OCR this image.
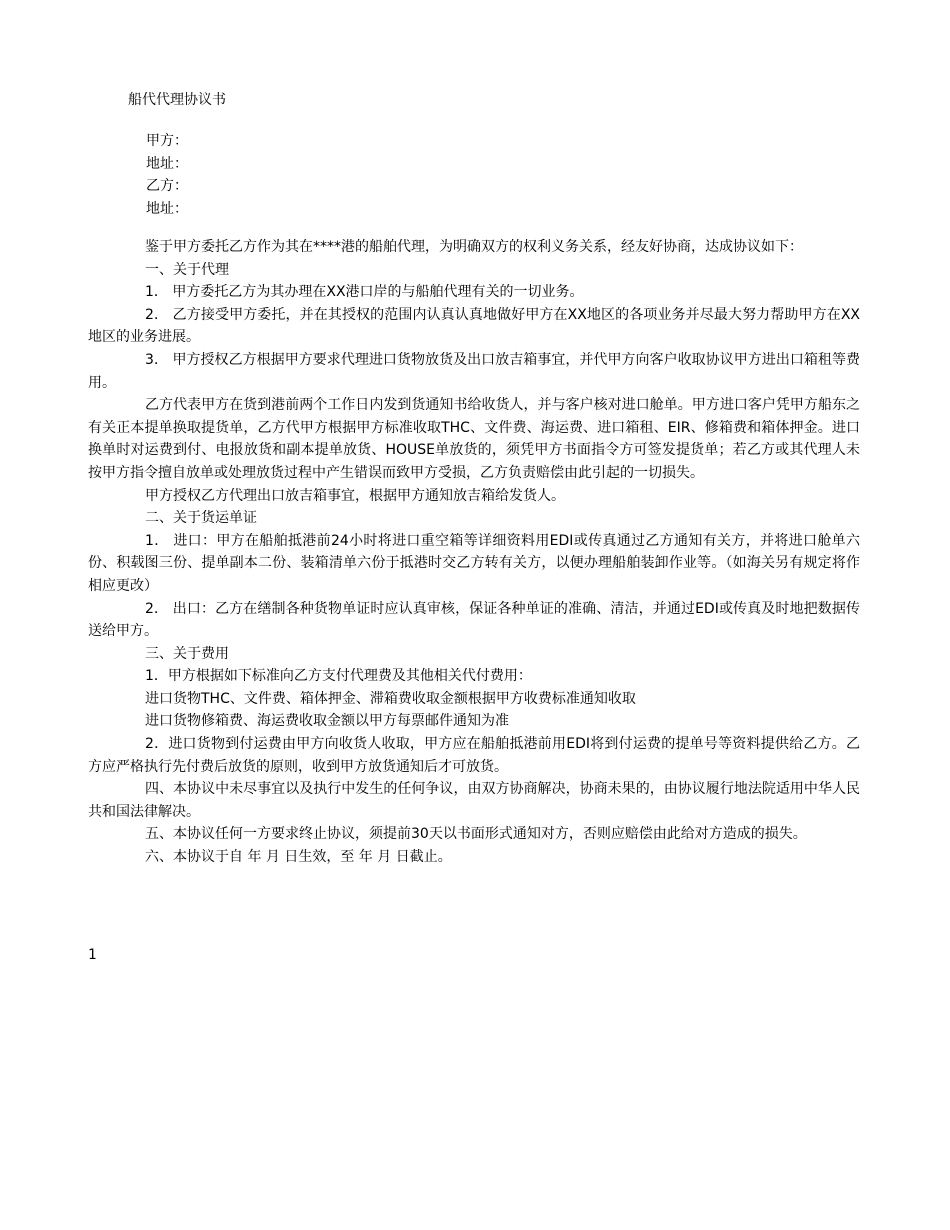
船代代理协议书
甲方：
地址：
乙方：
地址：

鉴于甲方委托乙方作为其在****港的船舶代理，为明确双方的权利义务关系，经友好协商，达成协议如下：

一、关于代理

1． 甲方委托乙方为其办理在XX港口岸的与船舶代理有关的一切业务。

2． 乙方接受甲方委托，并在其授权的范围内认真认真地做好甲方在XX地区的各项业务并尽最大努力帮助甲方在XX地区的业务进展。

3． 甲方授权乙方根据甲方要求代理进口货物放货及出口放吉箱事宜，并代甲方向客户收取协议甲方进出口箱租等费用。

乙方代表甲方在货到港前两个工作日内发到货通知书给收货人，并与客户核对进口舱单。甲方进口客户凭甲方船东之有关正本提单换取提货单，乙方代甲方根据甲方标准收取THC、文件费、海运费、进口箱租、EIR、修箱费和箱体押金。进口换单时对运费到付、电报放货和副本提单放货、HOUSE单放货的，须凭甲方书面指令方可签发提货单；若乙方或其代理人未按甲方指令擅自放单或处理放货过程中产生错误而致甲方受损，乙方负责赔偿由此引起的一切损失。

甲方授权乙方代理出口放吉箱事宜，根据甲方通知放吉箱给发货人。

二、关于货运单证

1． 进口：甲方在船舶抵港前24小时将进口重空箱等详细资料用EDI或传真通过乙方通知有关方，并将进口舱单六份、积载图三份、提单副本二份、装箱清单六份于抵港时交乙方转有关方，以便办理船舶装卸作业等。（如海关另有规定将作相应更改）

2． 出口：乙方在缮制各种货物单证时应认真审核，保证各种单证的准确、清洁，并通过EDI或传真及时地把数据传送给甲方。

三、关于费用

1．甲方根据如下标准向乙方支付代理费及其他相关代付费用：

进口货物THC、文件费、箱体押金、滞箱费收取金额根据甲方收费标准通知收取

进口货物修箱费、海运费收取金额以甲方每票邮件通知为准

2．进口货物到付运费由甲方向收货人收取，甲方应在船舶抵港前用EDI将到付运费的提单号等资料提供给乙方。乙方应严格执行先付费后放货的原则，收到甲方放货通知后才可放货。

四、本协议中未尽事宜以及执行中发生的任何争议，由双方协商解决，协商未果的，由协议履行地法院适用中华人民共和国法律解决。

五、本协议任何一方要求终止协议，须提前30天以书面形式通知对方，否则应赔偿由此给对方造成的损失。

六、本协议于自 年 月 日生效，至 年 月 日截止。

1
